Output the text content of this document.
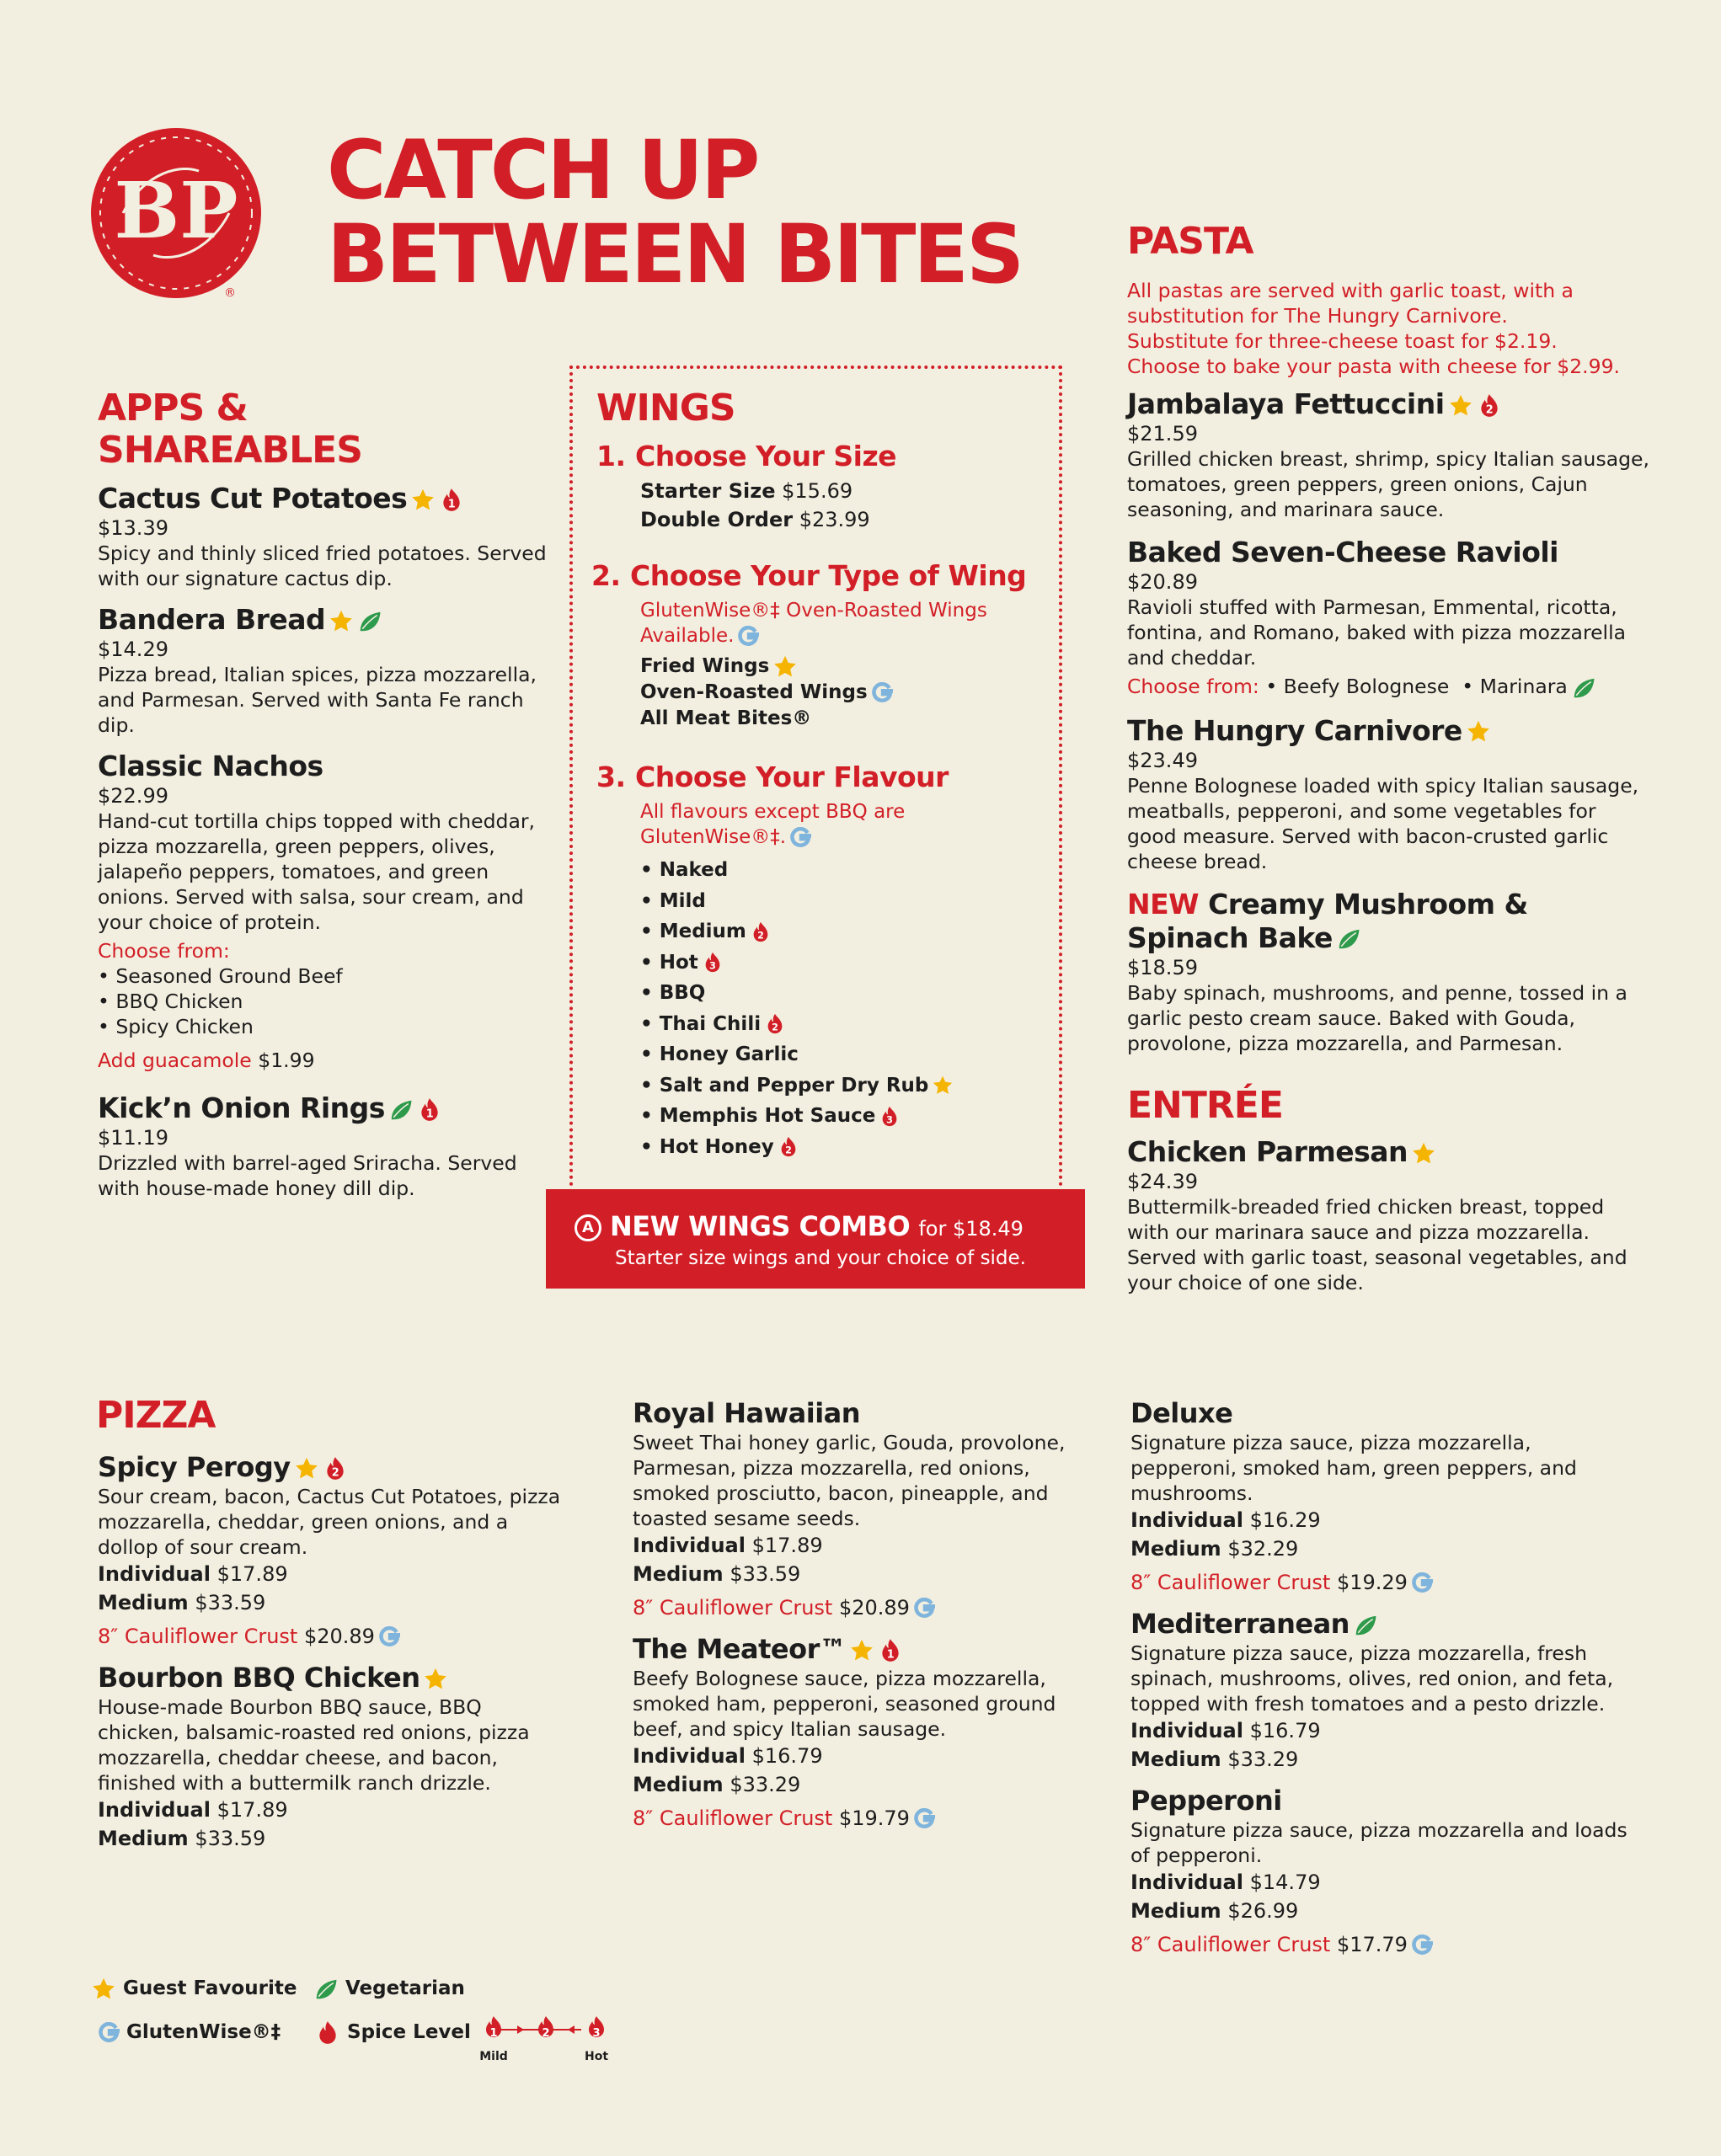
BP
®
CATCH UP
BETWEEN BITES
APPS &
SHAREABLES
Cactus Cut Potatoes	1
$13.39
Spicy and thinly sliced fried potatoes. Served with our signature cactus dip.
Bandera Bread
$14.29
Pizza bread, Italian spices, pizza mozzarella, and Parmesan. Served with Santa Fe ranch dip.
Classic Nachos
$22.99
Hand-cut tortilla chips topped with cheddar, pizza mozzarella, green peppers, olives, jalapeño peppers, tomatoes, and green onions. Served with salsa, sour cream, and your choice of protein.
Choose from:
• Seasoned Ground Beef
• BBQ Chicken
• Spicy Chicken
Add guacamole $1.99
Kick’n Onion Rings	1
$11.19
Drizzled with barrel-aged Sriracha. Served with house-made honey dill dip.
WINGS
1. Choose Your Size
Starter Size $15.69
Double Order $23.99
2. Choose Your Type of Wing
GlutenWise®‡ Oven-Roasted Wings
Available.
Fried Wings
Oven-Roasted Wings
All Meat Bites®
3. Choose Your Flavour
All flavours except BBQ are
GlutenWise®‡.
• Naked
• Mild
• Medium 2
• Hot 3
• BBQ
• Thai Chili 2
• Honey Garlic
• Salt and Pepper Dry Rub
• Memphis Hot Sauce 3
• Hot Honey 2
A NEW WINGS COMBO for $18.49
Starter size wings and your choice of side.
PASTA
All pastas are served with garlic toast, with a
substitution for The Hungry Carnivore.
Substitute for three-cheese toast for $2.19.
Choose to bake your pasta with cheese for $2.99.
Jambalaya Fettuccini	2
$21.59
Grilled chicken breast, shrimp, spicy Italian sausage, tomatoes, green peppers, green onions, Cajun seasoning, and marinara sauce.
Baked Seven-Cheese Ravioli
$20.89
Ravioli stuffed with Parmesan, Emmental, ricotta, fontina, and Romano, baked with pizza mozzarella and cheddar.
Choose from: • Beefy Bolognese • Marinara
The Hungry Carnivore
$23.49
Penne Bolognese loaded with spicy Italian sausage, meatballs, pepperoni, and some vegetables for good measure. Served with bacon-crusted garlic cheese bread.
NEW Creamy Mushroom &
Spinach Bake
$18.59
Baby spinach, mushrooms, and penne, tossed in a garlic pesto cream sauce. Baked with Gouda, provolone, pizza mozzarella, and Parmesan.
ENTRÉE
Chicken Parmesan
$24.39
Buttermilk-breaded fried chicken breast, topped with our marinara sauce and pizza mozzarella. Served with garlic toast, seasonal vegetables, and your choice of one side.
PIZZA
Spicy Perogy	2
Sour cream, bacon, Cactus Cut Potatoes, pizza mozzarella, cheddar, green onions, and a dollop of sour cream.
Individual $17.89
Medium $33.59
8″ Cauliflower Crust $20.89
Bourbon BBQ Chicken
House-made Bourbon BBQ sauce, BBQ chicken, balsamic-roasted red onions, pizza mozzarella, cheddar cheese, and bacon, finished with a buttermilk ranch drizzle.
Individual $17.89
Medium $33.59
Royal Hawaiian
Sweet Thai honey garlic, Gouda, provolone, Parmesan, pizza mozzarella, red onions, smoked prosciutto, bacon, pineapple, and toasted sesame seeds.
Individual $17.89
Medium $33.59
8″ Cauliflower Crust $20.89
The Meateor™	1
Beefy Bolognese sauce, pizza mozzarella, smoked ham, pepperoni, seasoned ground beef, and spicy Italian sausage.
Individual $16.79
Medium $33.29
8″ Cauliflower Crust $19.79
Deluxe
Signature pizza sauce, pizza mozzarella, pepperoni, smoked ham, green peppers, and mushrooms.
Individual $16.29
Medium $32.29
8″ Cauliflower Crust $19.29
Mediterranean
Signature pizza sauce, pizza mozzarella, fresh spinach, mushrooms, olives, red onion, and feta, topped with fresh tomatoes and a pesto drizzle.
Individual $16.79
Medium $33.29
Pepperoni
Signature pizza sauce, pizza mozzarella and loads of pepperoni.
Individual $14.79
Medium $26.99
8″ Cauliflower Crust $17.79
Guest Favourite	Vegetarian
GlutenWise®‡	Spice Level 1	2	3
Mild	Hot
